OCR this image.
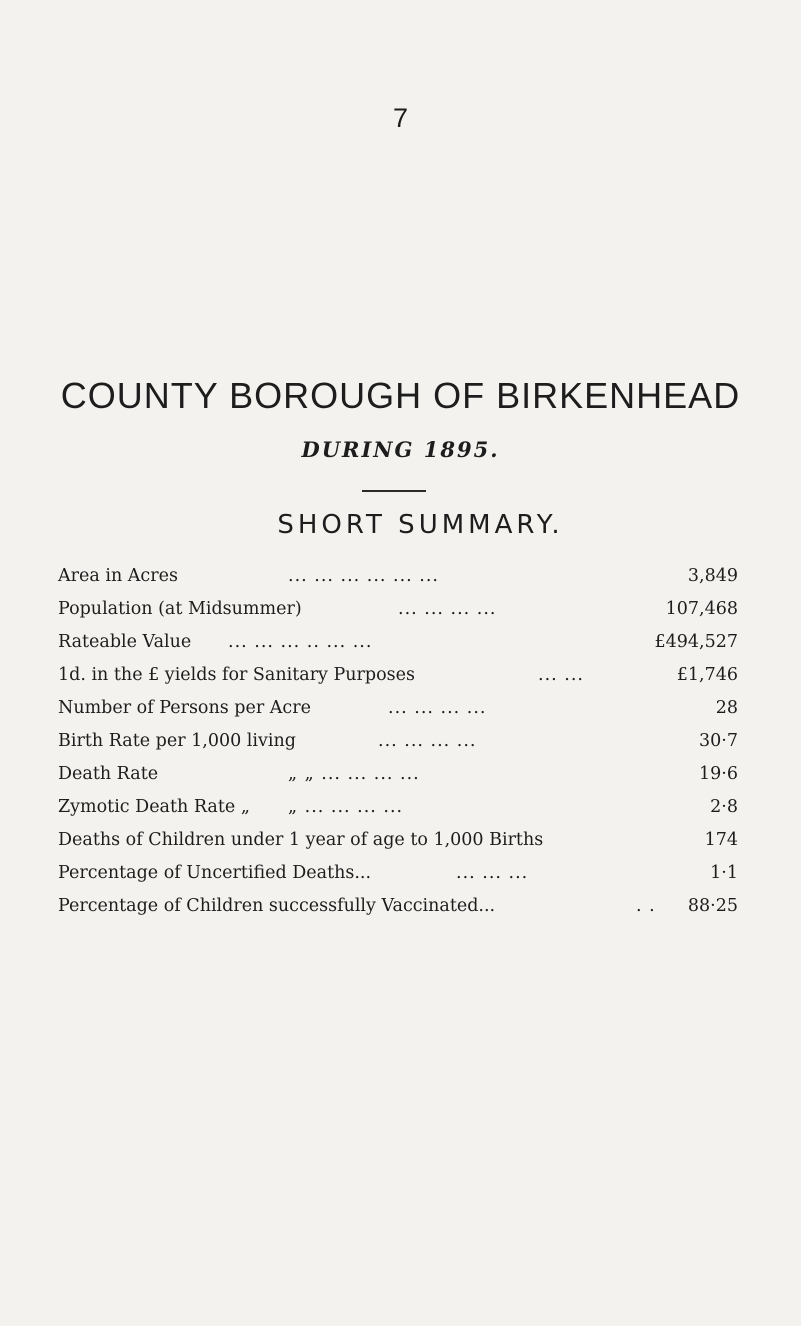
7
COUNTY BOROUGH OF BIRKENHEAD
DURING 1895.
SHORT SUMMARY.
Area in Acres	... ... ... ... ... ...	3,849
Population (at Midsummer)	... ... ... ...	107,468
Rateable Value ... ... ... .. ... ...	£494,527
1d. in the £ yields for Sanitary Purposes	... ...	£1,746
Number of Persons per Acre	... ... ... ...	28
Birth Rate per 1,000 living	... ... ... ...	30·7
Death Rate	„ „ ... ... ... ...	19·6
Zymotic Death Rate „ „ ... ... ... ...	2·8
Deaths of Children under 1 year of age to 1,000 Births	174
Percentage of Uncertified Deaths...	... ... ...	1·1
Percentage of Children successfully Vaccinated...	. . 88·25
